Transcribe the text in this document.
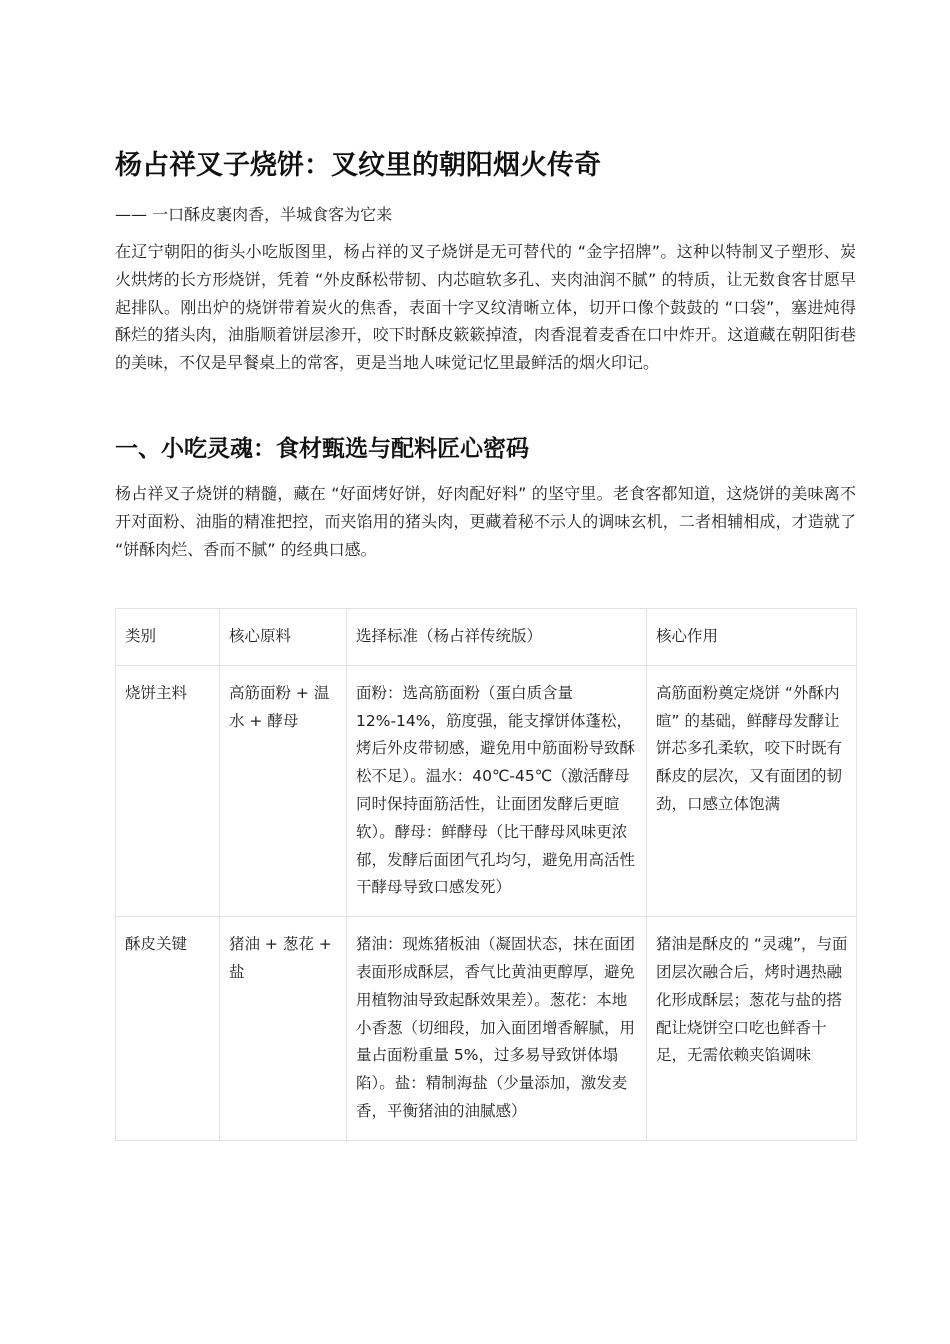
杨占祥叉子烧饼：叉纹里的朝阳烟火传奇

—— 一口酥皮裹肉香，半城食客为它来

在辽宁朝阳的街头小吃版图里，杨占祥的叉子烧饼是无可替代的 “金字招牌”。这种以特制叉子塑形、炭火烘烤的长方形烧饼，凭着 “外皮酥松带韧、内芯暄软多孔、夹肉油润不腻” 的特质，让无数食客甘愿早起排队。刚出炉的烧饼带着炭火的焦香，表面十字叉纹清晰立体，切开口像个鼓鼓的 “口袋”，塞进炖得酥烂的猪头肉，油脂顺着饼层渗开，咬下时酥皮簌簌掉渣，肉香混着麦香在口中炸开。这道藏在朝阳街巷的美味，不仅是早餐桌上的常客，更是当地人味觉记忆里最鲜活的烟火印记。

一、小吃灵魂：食材甄选与配料匠心密码

杨占祥叉子烧饼的精髓，藏在 “好面烤好饼，好肉配好料” 的坚守里。老食客都知道，这烧饼的美味离不开对面粉、油脂的精准把控，而夹馅用的猪头肉，更藏着秘不示人的调味玄机，二者相辅相成，才造就了 “饼酥肉烂、香而不腻” 的经典口感。

类别	核心原料	选择标准（杨占祥传统版）	核心作用
烧饼主料	高筋面粉 + 温水 + 酵母	面粉：选高筋面粉（蛋白质含量 12%-14%，筋度强，能支撑饼体蓬松，烤后外皮带韧感，避免用中筋面粉导致酥松不足）。温水：40℃-45℃（激活酵母同时保持面筋活性，让面团发酵后更暄软）。酵母：鲜酵母（比干酵母风味更浓郁，发酵后面团气孔均匀，避免用高活性干酵母导致口感发死）	高筋面粉奠定烧饼 “外酥内暄” 的基础，鲜酵母发酵让饼芯多孔柔软，咬下时既有酥皮的层次，又有面团的韧劲，口感立体饱满
酥皮关键	猪油 + 葱花 + 盐	猪油：现炼猪板油（凝固状态，抹在面团表面形成酥层，香气比黄油更醇厚，避免用植物油导致起酥效果差）。葱花：本地小香葱（切细段，加入面团增香解腻，用量占面粉重量 5%，过多易导致饼体塌陷）。盐：精制海盐（少量添加，激发麦香，平衡猪油的油腻感）	猪油是酥皮的 “灵魂”，与面团层次融合后，烤时遇热融化形成酥层；葱花与盐的搭配让烧饼空口吃也鲜香十足，无需依赖夹馅调味
